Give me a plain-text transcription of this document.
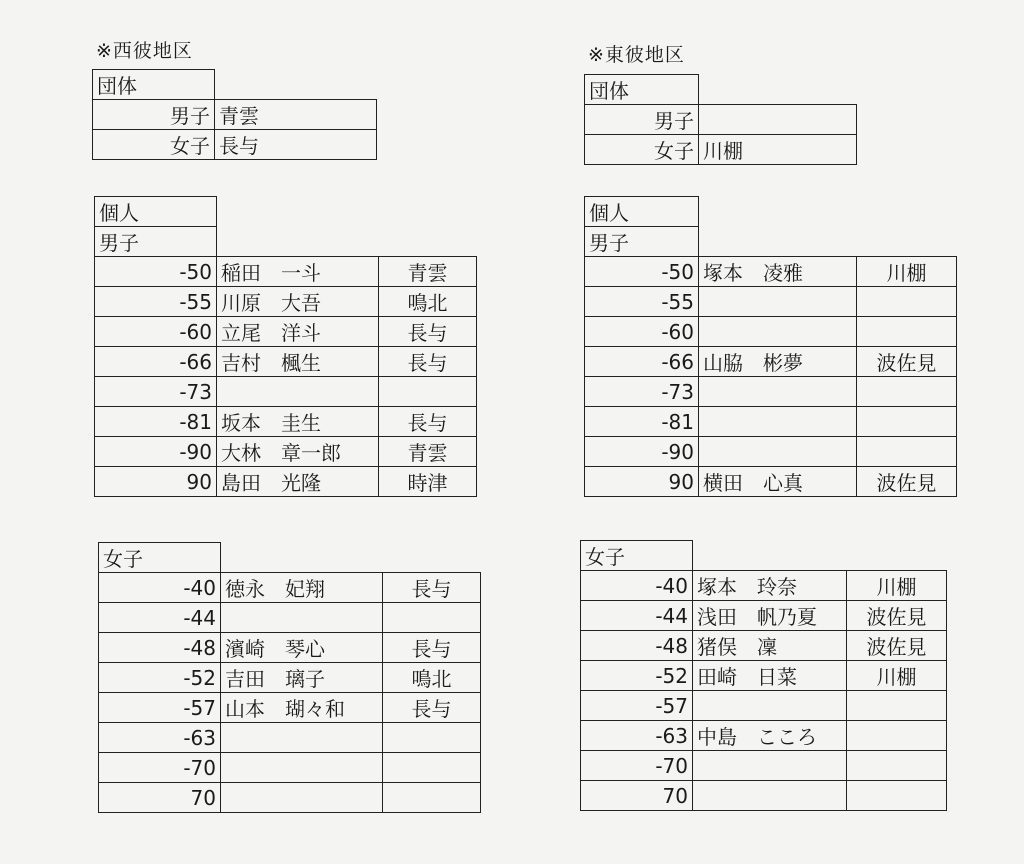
※西彼地区
団体	
男子	青雲
女子	長与
個人		
男子		
-50	稲田　一斗	青雲
-55	川原　大吾	鳴北
-60	立尾　洋斗	長与
-66	吉村　楓生	長与
-73		
-81	坂本　圭生	長与
-90	大林　章一郎	青雲
90	島田　光隆	時津
女子		
-40	徳永　妃翔	長与
-44		
-48	濱崎　琴心	長与
-52	吉田　璃子	鳴北
-57	山本　瑚々和	長与
-63		
-70		
70		
※東彼地区
団体	
男子	
女子	川棚
個人		
男子		
-50	塚本　凌雅	川棚
-55		
-60		
-66	山脇　彬夢	波佐見
-73		
-81		
-90		
90	横田　心真	波佐見
女子		
-40	塚本　玲奈	川棚
-44	浅田　帆乃夏	波佐見
-48	猪俣　凜	波佐見
-52	田崎　日菜	川棚
-57		
-63	中島　こころ	
-70		
70		
